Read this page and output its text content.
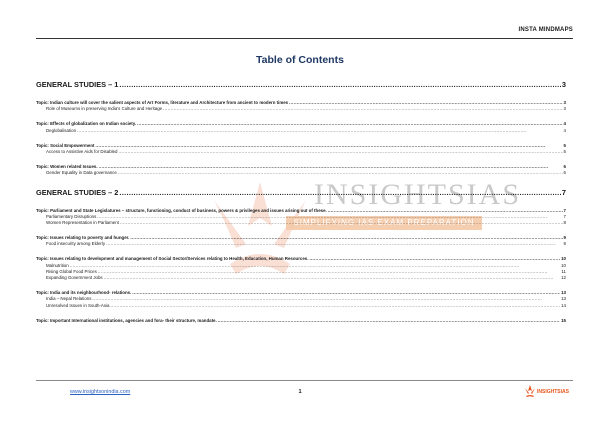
INSTA MINDMAPS
INSIGHTSIAS
SIMPLIFYING IAS EXAM PREPARATION
Table of Contents
GENERAL STUDIES – 1 .....	3
Topic: Indian culture will cover the salient aspects of Art Forms, literature and Architecture from ancient to modern times .....	3
Role of Museums in preserving India’s Culture and Heritage .....	3
Topic: Effects of globalization on Indian society. .....	4
Deglobalisation .....	4
Topic: Social Empowerment .....	5
Access to Assistive Aids for Disabled .....	5
Topic: Women related Issues. .....	6
Gender Equality in Data governance .....	6
GENERAL STUDIES – 2 .....	7
Topic: Parliament and State Legislatures – structure, functioning, conduct of business, powers & privileges and issues arising out of these. .....	7
Parliamentary Disruptions .....	7
Women Representation in Parliament .....	8
Topic: Issues relating to poverty and hunger. .....	9
Food insecurity among Elderly .....	9
Topic: Issues relating to development and management of Social Sector/Services relating to Health, Education, Human Resources. .....	10
Malnutrition .....	10
Rising Global Food Prices .....	11
Expanding Government Jobs .....	12
Topic: India and its neighbourhood- relations. .....	13
India – Nepal Relations .....	13
Unresolved Issues in South-Asia .....	14
Topic: Important International institutions, agencies and fora- their structure, mandate. .....	15
www.insightsonindia.com	1	INSIGHTSIAS
